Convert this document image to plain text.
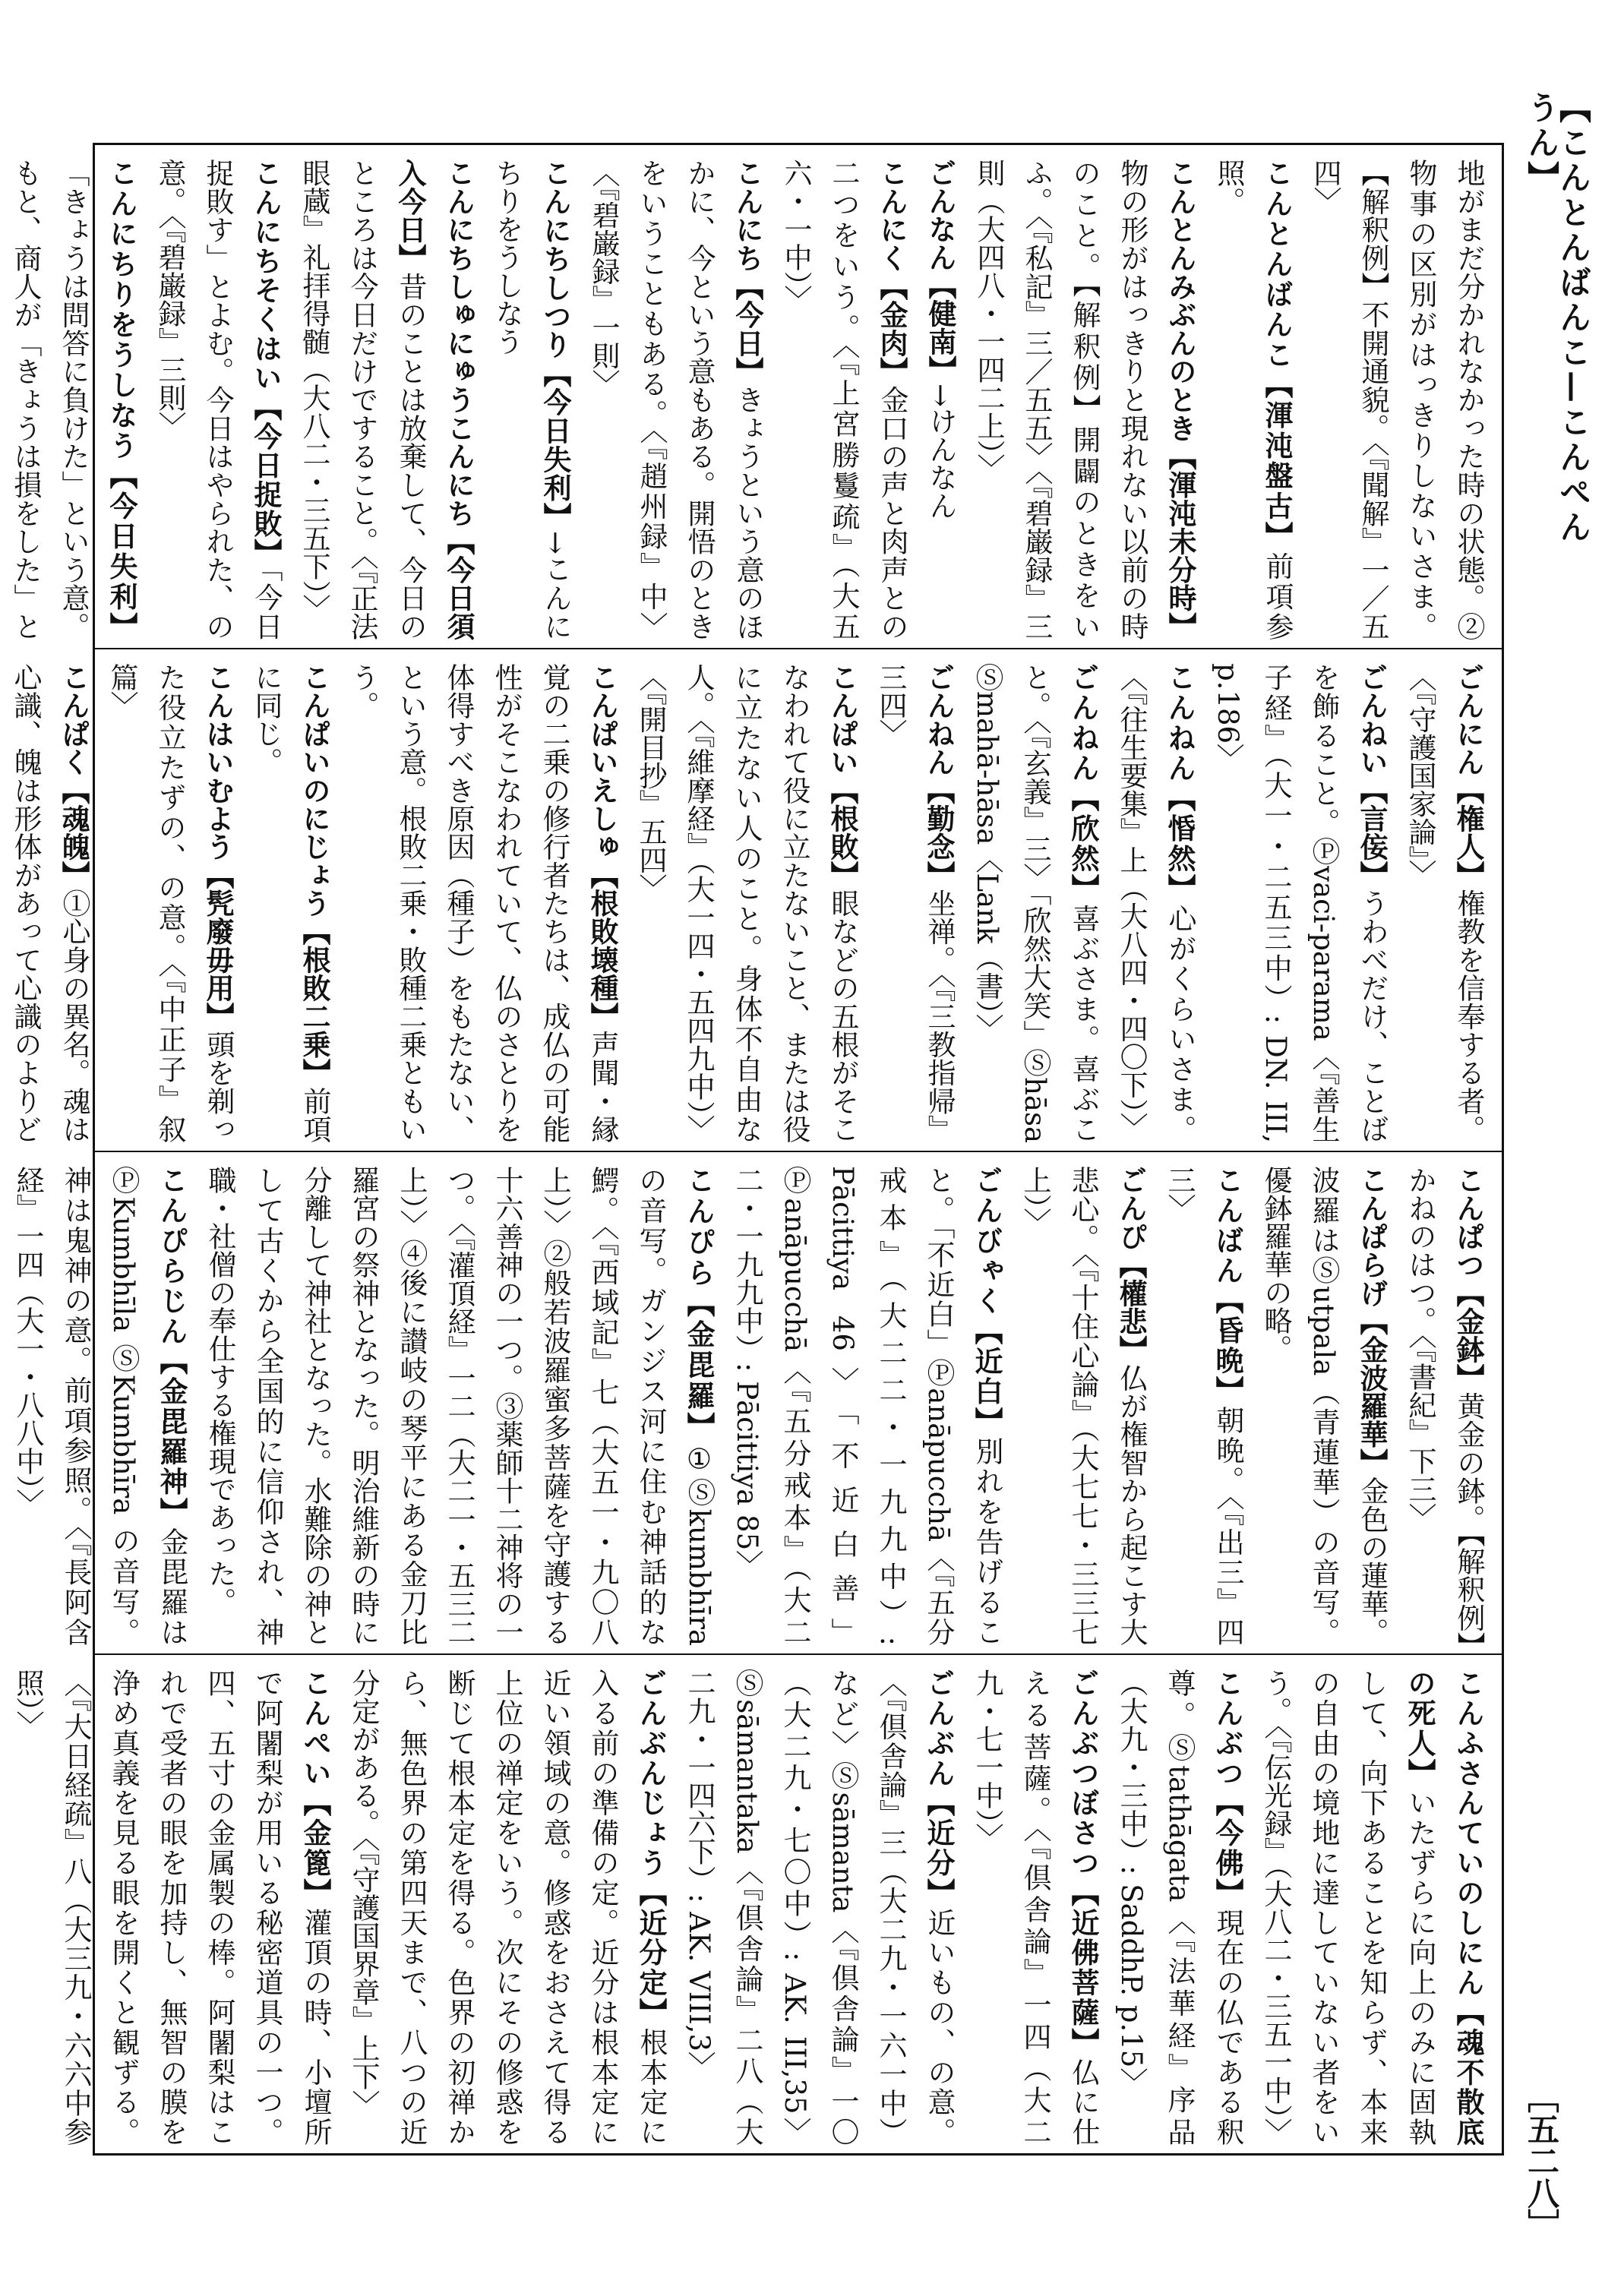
【こんとんばんこ—こんぺんうん】
［五二八］
地がまだ分かれなかった時の状態。②物事の区別がはっきりしないさま。【解釈例】不開通貌。〈『聞解』一／五四〉
こんとんばんこ【渾沌盤古】前項参照。
こんとんみぶんのとき【渾沌未分時】物の形がはっきりと現れない以前の時のこと。【解釈例】開闢のときをいふ。〈『私記』三／五五〉〈『碧巌録』三則（大四八・一四二上）〉
ごんなん【健南】→けんなん
こんにく【金肉】金口の声と肉声との二つをいう。〈『上宮勝鬘疏』（大五六・一中）〉
こんにち【今日】きょうという意のほかに、今という意もある。開悟のときをいうこともある。〈『趙州録』中〉〈『碧巌録』一則〉
こんにちしつり【今日失利】→こんにちりをうしなう
こんにちしゅにゅうこんにち【今日須入今日】昔のことは放棄して、今日のところは今日だけですること。〈『正法眼蔵』礼拝得髄（大八二・三五下）〉
こんにちそくはい【今日捉敗】「今日捉敗す」とよむ。今日はやられた、の意。〈『碧巌録』三則〉
こんにちりをうしなう【今日失利】「きょうは問答に負けた」という意。もと、商人が「きょうは損をした」と
ごんにん【権人】権教を信奉する者。〈『守護国家論』〉
ごんねい【言侫】うわべだけ、ことばを飾ること。Ⓟvaci-parama〈『善生子経』（大一・二五三中）: DN. III, p.186〉
こんねん【惛然】心がくらいさま。〈『往生要集』上（大八四・四〇下）〉
ごんねん【欣然】喜ぶさま。喜ぶこと。〈『玄義』三〉「欣然大笑」Ⓢhāsa Ⓢmahā-hāsa〈Lank（書）〉
ごんねん【勤念】坐禅。〈『三教指帰』三四〉
こんぱい【根敗】眼などの五根がそこなわれて役に立たないこと、または役に立たない人のこと。身体不自由な人。〈『維摩経』（大一四・五四九中）〉〈『開目抄』五四〉
こんぱいえしゅ【根敗壊種】声聞・縁覚の二乗の修行者たちは、成仏の可能性がそこなわれていて、仏のさとりを体得すべき原因（種子）をもたない、という意。根敗二乗・敗種二乗ともいう。
こんぱいのにじょう【根敗二乗】前項に同じ。
こんはいむよう【髠廢毋用】頭を剃った役立たずの、の意。〈『中正子』叙篇〉
こんぱく【魂魄】①心身の異名。魂は心識、魄は形体があって心識のよりど
こんぱつ【金鉢】黄金の鉢。【解釈例】かねのはつ。〈『書紀』下三〉
こんぱらげ【金波羅華】金色の蓮華。波羅はⓈutpala（青蓮華）の音写。優鉢羅華の略。
こんばん【昏晩】朝晩。〈『出三』四三〉
ごんぴ【權悲】仏が権智から起こす大悲心。〈『十住心論』（大七七・三三七上）〉
ごんびゃく【近白】別れを告げること。「不近白」Ⓟanāpucchā〈『五分戒本』（大二二・一九九中）: Pācittiya 46〉「不近白善」Ⓟanāpucchā〈『五分戒本』（大二二・一九九中）: Pācittiya 85〉
こんぴら【金毘羅】①Ⓢkumbhīra の音写。ガンジス河に住む神話的な鰐。〈『西域記』七（大五一・九〇八上）〉②般若波羅蜜多菩薩を守護する十六善神の一つ。③薬師十二神将の一つ。〈『灌頂経』一二（大二一・五三二上）〉④後に讃岐の琴平にある金刀比羅宮の祭神となった。明治維新の時に分離して神社となった。水難除の神として古くから全国的に信仰され、神職・社僧の奉仕する権現であった。
こんぴらじん【金毘羅神】金毘羅はⓅKumbhīla ⓈKumbhīra の音写。神は鬼神の意。前項参照。〈『長阿含経』一四（大一・八八中）〉
こんふさんていのしにん【魂不散底の死人】いたずらに向上のみに固執して、向下あることを知らず、本来の自由の境地に達していない者をいう。〈『伝光録』（大八二・三五一中）〉
こんぶつ【今佛】現在の仏である釈尊。Ⓢtathāgata〈『法華経』序品（大九・三中）: SaddhP. p.15〉
ごんぶつぼさつ【近佛菩薩】仏に仕える菩薩。〈『倶舎論』一四（大二九・七一中）〉
ごんぶん【近分】近いもの、の意。〈『倶舎論』三（大二九・一六一中）など〉Ⓢsāmanta〈『倶舎論』一〇（大二九・七〇中）: AK. III,35〉Ⓢsāmantaka〈『倶舎論』二八（大二九・一四六下）: AK. VIII,3〉
ごんぶんじょう【近分定】根本定に入る前の準備の定。近分は根本定に近い領域の意。修惑をおさえて得る上位の禅定をいう。次にその修惑を断じて根本定を得る。色界の初禅から、無色界の第四天まで、八つの近分定がある。〈『守護国界章』上下〉
こんぺい【金篦】灌頂の時、小壇所で阿闍梨が用いる秘密道具の一つ。四、五寸の金属製の棒。阿闍梨はこれで受者の眼を加持し、無智の膜を浄め真義を見る眼を開くと観ずる。〈『大日経疏』八（大三九・六六中参照）〉
